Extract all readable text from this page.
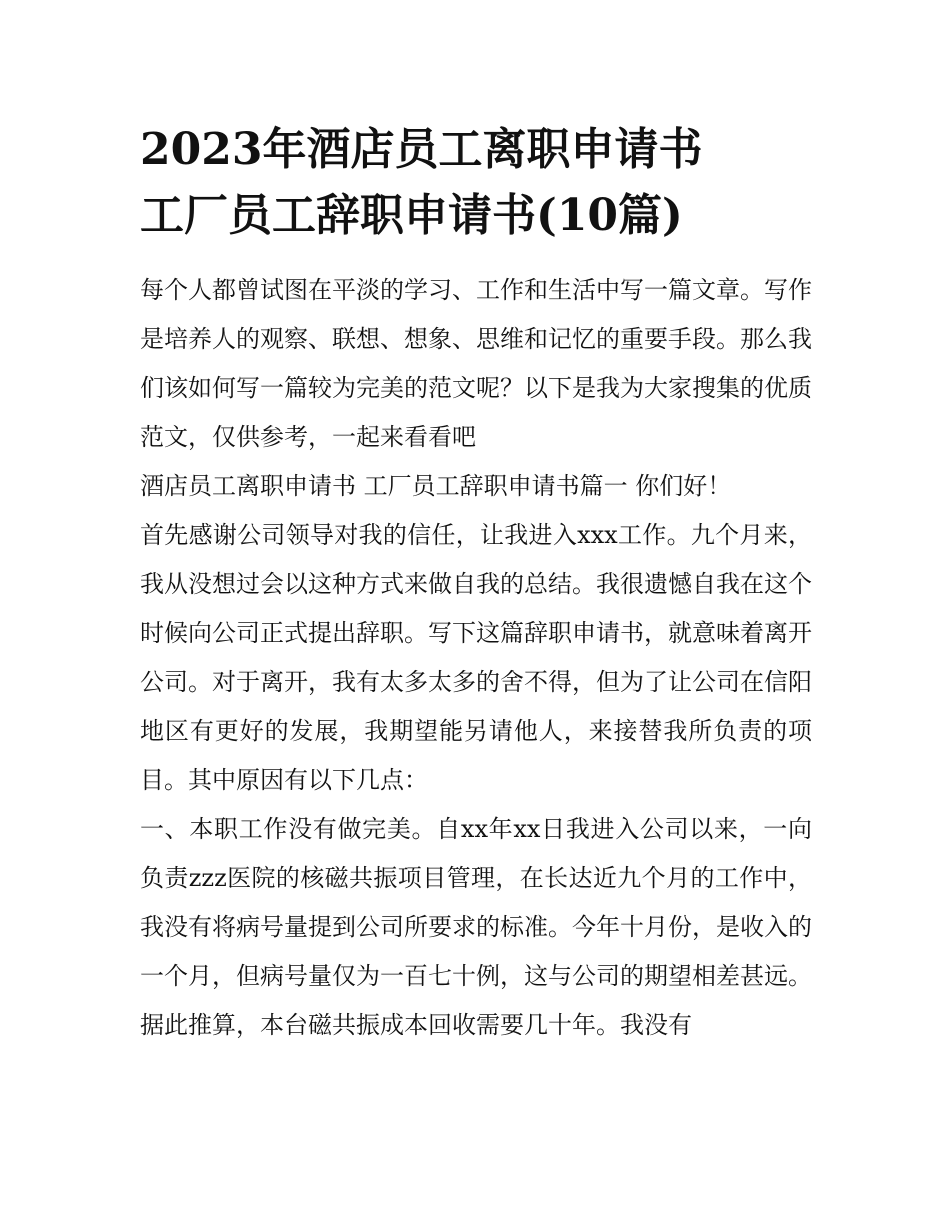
2023年酒店员工离职申请书
工厂员工辞职申请书(10篇)

每个人都曾试图在平淡的学习、工作和生活中写一篇文章。写作是培养人的观察、联想、想象、思维和记忆的重要手段。那么我们该如何写一篇较为完美的范文呢？以下是我为大家搜集的优质范文，仅供参考，一起来看看吧

酒店员工离职申请书 工厂员工辞职申请书篇一 你们好！

首先感谢公司领导对我的信任，让我进入xxx工作。九个月来，我从没想过会以这种方式来做自我的总结。我很遗憾自我在这个时候向公司正式提出辞职。写下这篇辞职申请书，就意味着离开公司。对于离开，我有太多太多的舍不得，但为了让公司在信阳地区有更好的发展，我期望能另请他人，来接替我所负责的项目。其中原因有以下几点：

一、本职工作没有做完美。自xx年xx日我进入公司以来，一向负责zzz医院的核磁共振项目管理，在长达近九个月的工作中，我没有将病号量提到公司所要求的标准。今年十月份，是收入的一个月，但病号量仅为一百七十例，这与公司的期望相差甚远。据此推算，本台磁共振成本回收需要几十年。我没有
